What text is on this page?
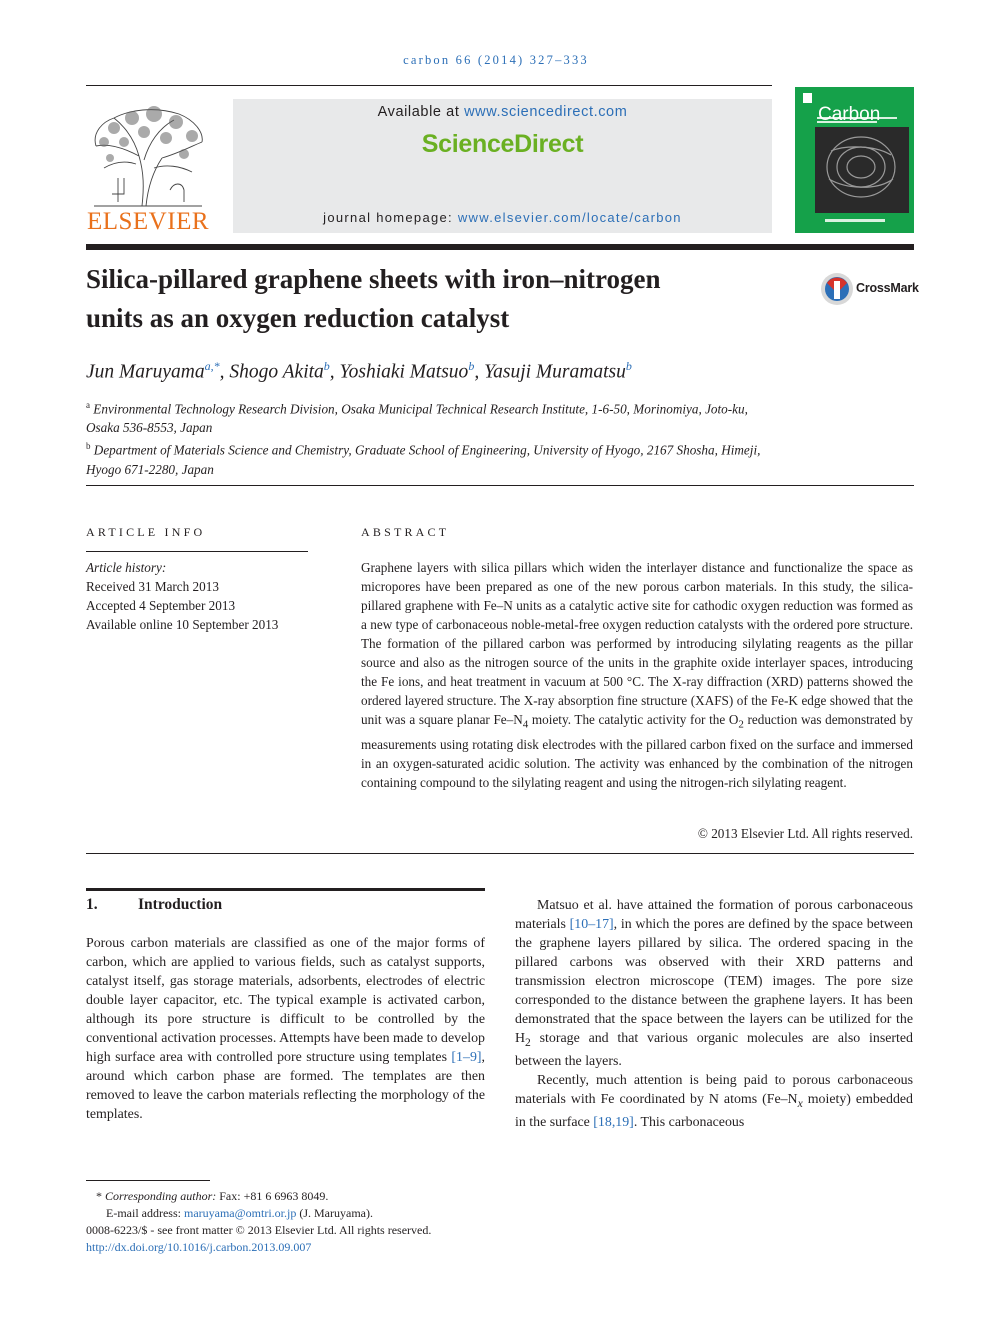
carbon 66 (2014) 327–333
ELSEVIER
Available at www.sciencedirect.com
ScienceDirect
journal homepage: www.elsevier.com/locate/carbon
Carbon
Silica-pillared graphene sheets with iron–nitrogen
units as an oxygen reduction catalyst
CrossMark
Jun Maruyama$^{a,*}$, Shogo Akita$^b$, Yoshiaki Matsuo$^b$, Yasuji Muramatsu$^b$
$^a$ Environmental Technology Research Division, Osaka Municipal Technical Research Institute, 1-6-50, Morinomiya, Joto-ku,
Osaka 536-8553, Japan
$^b$ Department of Materials Science and Chemistry, Graduate School of Engineering, University of Hyogo, 2167 Shosha, Himeji,
Hyogo 671-2280, Japan
ARTICLE INFO	ABSTRACT
Article history:
Received 31 March 2013
Accepted 4 September 2013
Available online 10 September 2013
Graphene layers with silica pillars which widen the interlayer distance and functionalize the space as micropores have been prepared as one of the new porous carbon materials. In this study, the silica-pillared graphene with Fe–N units as a catalytic active site for cathodic oxygen reduction was formed as a new type of carbonaceous noble-metal-free oxygen reduction catalysts with the ordered pore structure. The formation of the pillared carbon was performed by introducing silylating reagents as the pillar source and also as the nitrogen source of the units in the graphite oxide interlayer spaces, introducing the Fe ions, and heat treatment in vacuum at 500 °C. The X-ray diffraction (XRD) patterns showed the ordered layered structure. The X-ray absorption fine structure (XAFS) of the Fe-K edge showed that the unit was a square planar $Fe-N_4$ moiety. The catalytic activity for the $O_2$ reduction was demonstrated by measurements using rotating disk electrodes with the pillared carbon fixed on the surface and immersed in an oxygen-saturated acidic solution. The activity was enhanced by the combination of the nitrogen containing compound to the silylating reagent and using the nitrogen-rich silylating reagent.
© 2013 Elsevier Ltd. All rights reserved.
1.	Introduction

Porous carbon materials are classified as one of the major forms of carbon, which are applied to various fields, such as catalyst supports, catalyst itself, gas storage materials, adsorbents, electrodes of electric double layer capacitor, etc. The typical example is activated carbon, although its pore structure is difficult to be controlled by the conventional activation processes. Attempts have been made to develop high surface area with controlled pore structure using templates [1–9], around which carbon phase are formed. The templates are then removed to leave the carbon materials reflecting the morphology of the templates.

Matsuo et al. have attained the formation of porous carbonaceous materials [10–17], in which the pores are defined by the space between the graphene layers pillared by silica. The ordered spacing in the pillared carbons was observed with their XRD patterns and transmission electron microscope (TEM) images. The pore size corresponded to the distance between the graphene layers. It has been demonstrated that the space between the layers can be utilized for the $H_2$ storage and that various organic molecules are also inserted between the layers.

Recently, much attention is being paid to porous carbonaceous materials with Fe coordinated by N atoms ($Fe-N_x$ moiety) embedded in the surface [18,19]. This carbonaceous

* Corresponding author: Fax: +81 6 6963 8049.
E-mail address: maruyama@omtri.or.jp (J. Maruyama).
0008-6223/$ - see front matter © 2013 Elsevier Ltd. All rights reserved.
http://dx.doi.org/10.1016/j.carbon.2013.09.007
